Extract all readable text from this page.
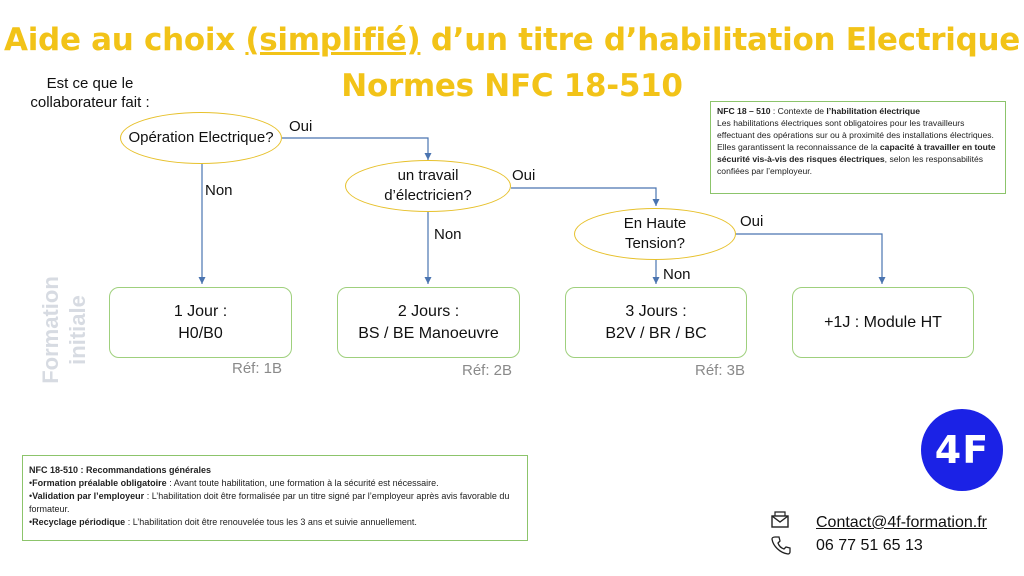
Aide au choix (simplifié) d’un titre d’habilitation Electrique
Normes NFC 18-510
Est ce que le collaborateur fait :
Opération Electrique?
un travail d’électricien?
En Haute Tension?
Oui
Non
Oui
Non
Oui
Non
1 Jour :
H0/B0
2 Jours :
BS / BE Manoeuvre
3 Jours :
B2V / BR / BC
+1J : Module HT
Réf: 1B	Réf: 2B	Réf: 3B
Formation initiale
NFC 18 – 510 : Contexte de l’habilitation électrique
Les habilitations électriques sont obligatoires pour les travailleurs effectuant des opérations sur ou à proximité des installations électriques. Elles garantissent la reconnaissance de la capacité à travailler en toute sécurité vis-à-vis des risques électriques, selon les responsabilités confiées par l’employeur.
NFC 18-510 : Recommandations générales
•Formation préalable obligatoire : Avant toute habilitation, une formation à la sécurité est nécessaire.
•Validation par l’employeur : L’habilitation doit être formalisée par un titre signé par l’employeur après avis favorable du formateur.
•Recyclage périodique : L’habilitation doit être renouvelée tous les 3 ans et suivie annuellement.
4F
Contact@4f-formation.fr
06 77 51 65 13
